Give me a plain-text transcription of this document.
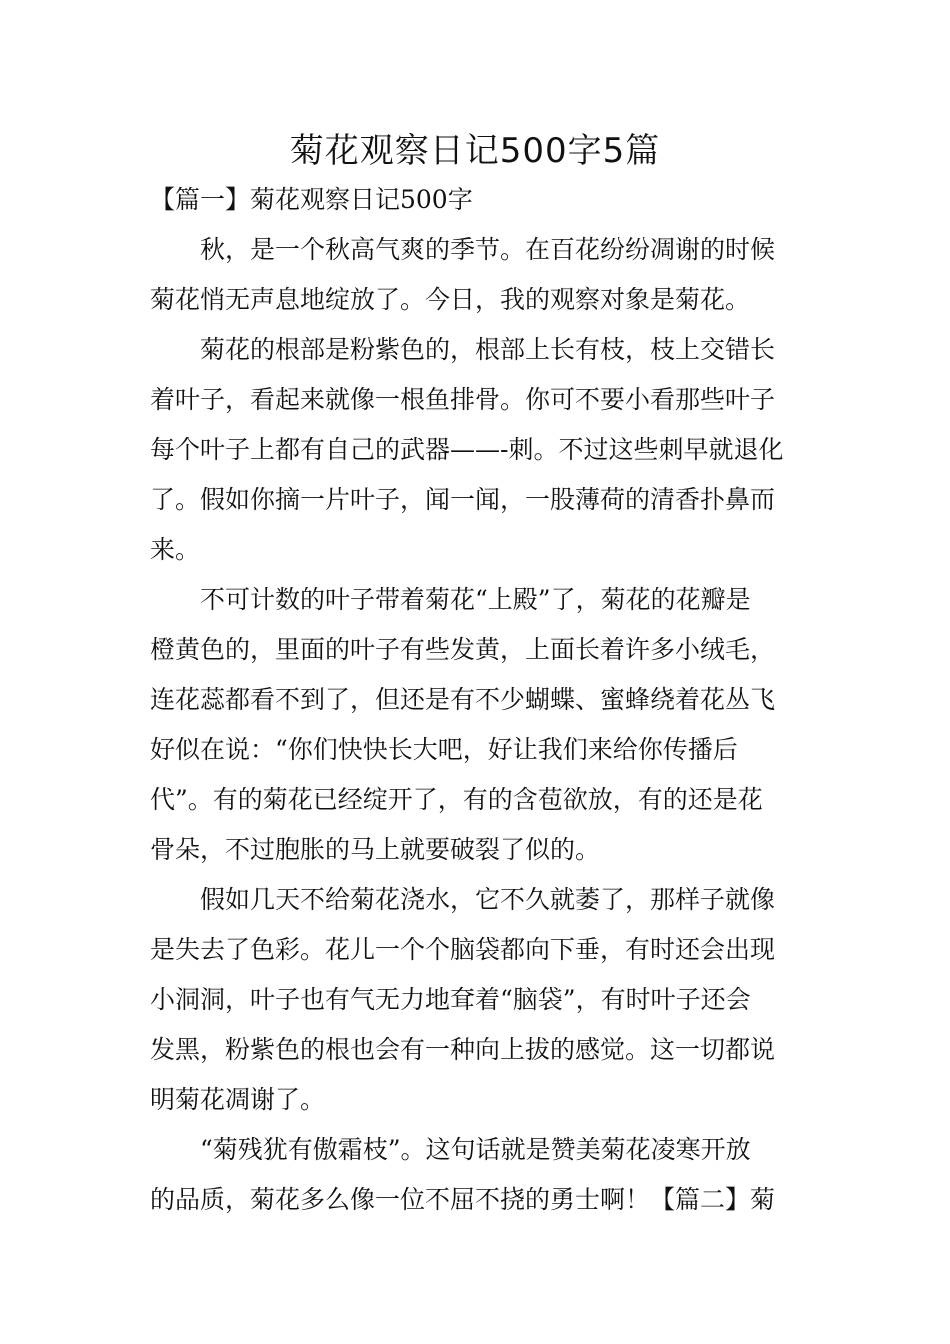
菊花观察日记500字5篇
【篇一】菊花观察日记500字
秋，是一个秋高气爽的季节。在百花纷纷凋谢的时候
菊花悄无声息地绽放了。今日，我的观察对象是菊花。
菊花的根部是粉紫色的，根部上长有枝，枝上交错长
着叶子，看起来就像一根鱼排骨。你可不要小看那些叶子
每个叶子上都有自己的武器——-刺。不过这些刺早就退化
了。假如你摘一片叶子，闻一闻，一股薄荷的清香扑鼻而
来。
不可计数的叶子带着菊花“上殿”了，菊花的花瓣是
橙黄色的，里面的叶子有些发黄，上面长着许多小绒毛，
连花蕊都看不到了，但还是有不少蝴蝶、蜜蜂绕着花丛飞
好似在说：“你们快快长大吧，好让我们来给你传播后
代”。有的菊花已经绽开了，有的含苞欲放，有的还是花
骨朵，不过胞胀的马上就要破裂了似的。
假如几天不给菊花浇水，它不久就萎了，那样子就像
是失去了色彩。花儿一个个脑袋都向下垂，有时还会出现
小洞洞，叶子也有气无力地耷着“脑袋”，有时叶子还会
发黑，粉紫色的根也会有一种向上拔的感觉。这一切都说
明菊花凋谢了。
“菊残犹有傲霜枝”。这句话就是赞美菊花凌寒开放
的品质，菊花多么像一位不屈不挠的勇士啊！【篇二】菊
